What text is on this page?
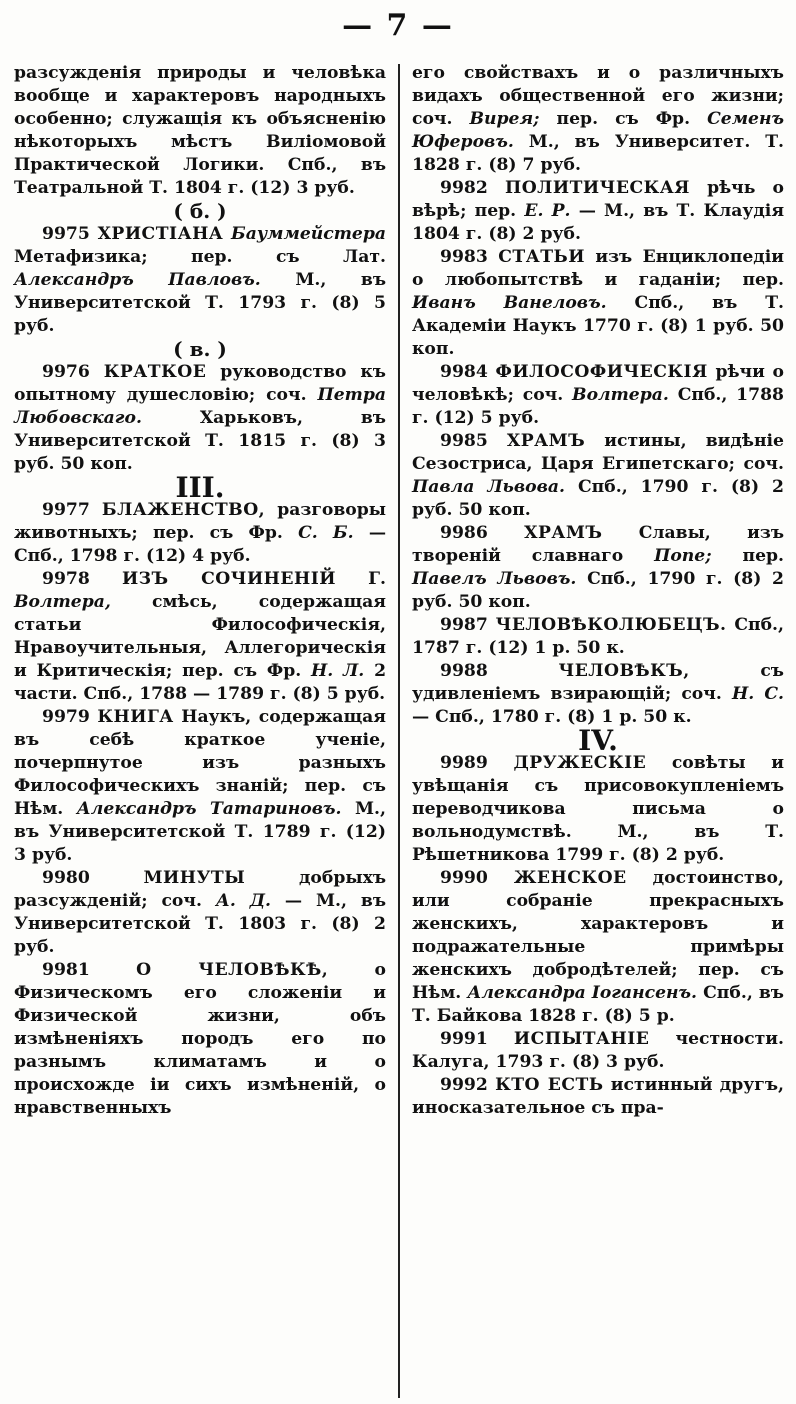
— 7 —

разсужденія природы и человѣка вообще и характеровъ народныхъ особенно; служащія къ объясненію нѣкоторыхъ мѣстъ Виліомовой Практической Логики. Спб., въ Театральной Т. 1804 г. (12) 3 руб.

( б. )

9975 ХРИСТІАНА Бауммейстера Метафизика; пер. съ Лат. Александръ Павловъ. М., въ Университетской Т. 1793 г. (8) 5 руб.

( в. )

9976 КРАТКОЕ руководство къ опытному душесловію; соч. Петра Любовскаго.	Харьковъ, въ Университетской Т. 1815 г. (8) 3 руб. 50 коп.

III.

9977 БЛАЖЕНСТВО, разговоры животныхъ; пер. съ Фр. С. Б. — Спб., 1798 г. (12) 4 руб.

9978 ИЗЪ СОЧИНЕНІЙ Г. Волтера, смѣсь, содержащая статьи Философическія, Нравоучительныя, Аллегорическія и Критическія; пер. съ Фр. Н. Л. 2 части. Спб., 1788 — 1789 г. (8) 5 руб.

9979 КНИГА Наукъ, содержащая въ себѣ краткое ученіе, почерпнутое изъ разныхъ Философическихъ знаній; пер. съ Нѣм. Александръ Татариновъ. М., въ Университетской Т. 1789 г. (12) 3 руб.

9980	МИНУТЫ	добрыхъ разсужденій; соч. А. Д. — М., въ Университетской Т. 1803 г. (8) 2 руб.

9981	О ЧЕЛОВѢКѢ,	о Физическомъ его сложеніи и Физической жизни, объ измѣненіяхъ породъ его по разнымъ климатамъ и о происхожде іи сихъ измѣненій, о нравственныхъ

его свойствахъ и о различныхъ видахъ общественной его жизни; соч. Вирея; пер. съ Фр. Семенъ Юферовъ. М., въ Университет. Т. 1828 г. (8) 7 руб.

9982 ПОЛИТИЧЕСКАЯ рѣчь о вѣрѣ; пер. Е. Р. — М., въ Т. Клаудія 1804 г. (8) 2 руб.

9983 СТАТЬИ изъ Енциклопедіи о любопытствѣ и гаданіи; пер. Иванъ Ванеловъ. Спб., въ Т. Академіи Наукъ 1770 г. (8) 1 руб. 50 коп.

9984 ФИЛОСОФИЧЕСКІЯ рѣчи о человѣкѣ; соч. Волтера. Спб., 1788 г. (12) 5 руб.

9985 ХРАМЪ истины, видѣніе Сезостриса, Царя Египетскаго; соч. Павла Львова. Спб., 1790 г. (8) 2 руб. 50 коп.

9986 ХРАМЪ Славы, изъ твореній славнаго Попе; пер. Павелъ Львовъ. Спб., 1790 г. (8) 2 руб. 50 коп.

9987 ЧЕЛОВѢКОЛЮБЕЦЪ. Спб., 1787 г. (12) 1 р. 50 к.

9988	ЧЕЛОВѢКЪ,	съ удивленіемъ взирающій; соч. Н. С. — Спб., 1780 г. (8) 1 р. 50 к.

IV.

9989 ДРУЖЕСКІЕ совѣты и увѣщанія съ присовокупленіемъ переводчикова письма о вольнодумствѣ. М., въ Т. Рѣшетникова 1799 г. (8) 2 руб.

9990 ЖЕНСКОЕ достоинство, или собраніе прекрасныхъ женскихъ, характеровъ и подражательные примѣры женскихъ добродѣтелей; пер. съ Нѣм. Александра Іогансенъ. Спб., въ Т. Байкова 1828 г. (8) 5 р.

9991 ИСПЫТАНІЕ честности. Калуга, 1793 г. (8) 3 руб.

9992 КТО ЕСТЬ истинный другъ, иносказательное съ пра-
